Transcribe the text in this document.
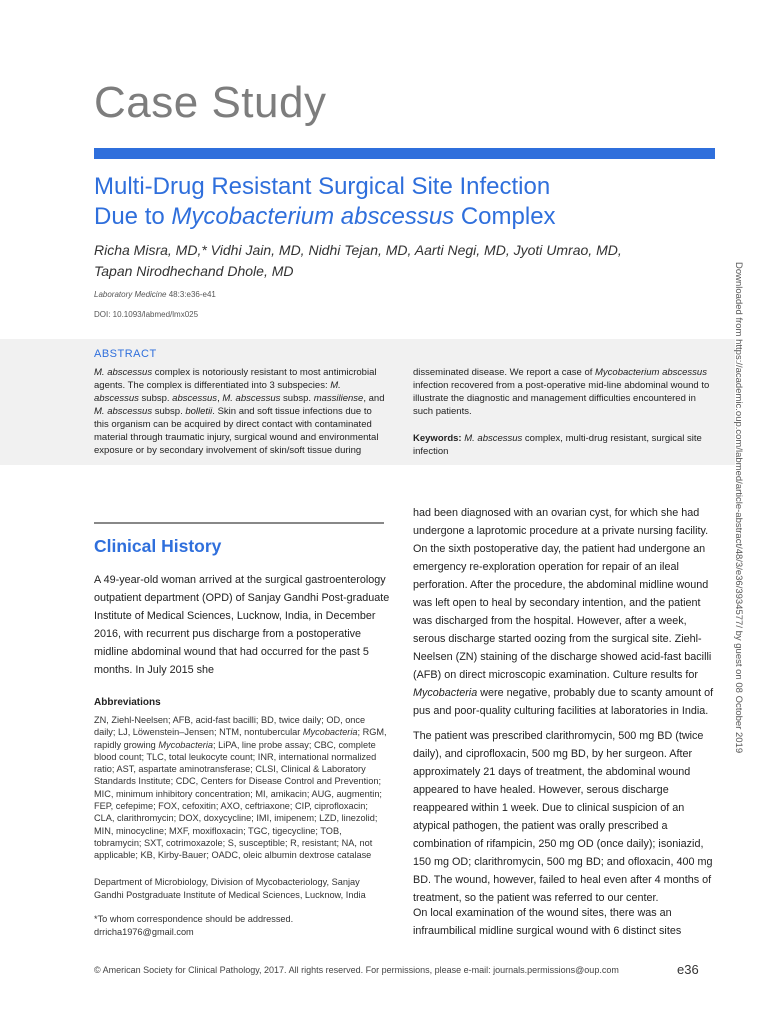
Case Study
Multi-Drug Resistant Surgical Site Infection
Due to Mycobacterium abscessus Complex
Richa Misra, MD,* Vidhi Jain, MD, Nidhi Tejan, MD, Aarti Negi, MD, Jyoti Umrao, MD,
Tapan Nirodhechand Dhole, MD
Laboratory Medicine 48:3:e36-e41
DOI: 10.1093/labmed/lmx025
ABSTRACT
M. abscessus complex is notoriously resistant to most antimicrobial agents. The complex is differentiated into 3 subspecies: M. abscessus subsp. abscessus, M. abscessus subsp. massiliense, and M. abscessus subsp. bolletii. Skin and soft tissue infections due to this organism can be acquired by direct contact with contaminated material through traumatic injury, surgical wound and environmental exposure or by secondary involvement of skin/soft tissue during
disseminated disease. We report a case of Mycobacterium abscessus infection recovered from a post-operative mid-line abdominal wound to illustrate the diagnostic and management difficulties encountered in such patients.
Keywords: M. abscessus complex, multi-drug resistant, surgical site infection	Downloaded from https://academic.oup.com/labmed/article-abstract/48/3/e36/3934577/ by guest on 08 October 2019
Clinical History

A 49-year-old woman arrived at the surgical gastroenterology outpatient department (OPD) of Sanjay Gandhi Post-graduate Institute of Medical Sciences, Lucknow, India, in December 2016, with recurrent pus discharge from a postoperative midline abdominal wound that had occurred for the past 5 months. In July 2015 she

Abbreviations
ZN, Ziehl-Neelsen; AFB, acid-fast bacilli; BD, twice daily; OD, once daily; LJ, Löwenstein–Jensen; NTM, nontubercular Mycobacteria; RGM, rapidly growing Mycobacteria; LiPA, line probe assay; CBC, complete blood count; TLC, total leukocyte count; INR, international normalized ratio; AST, aspartate aminotransferase; CLSI, Clinical & Laboratory Standards Institute; CDC, Centers for Disease Control and Prevention; MIC, minimum inhibitory concentration; MI, amikacin; AUG, augmentin; FEP, cefepime; FOX, cefoxitin; AXO, ceftriaxone; CIP, ciprofloxacin; CLA, clarithromycin; DOX, doxycycline; IMI, imipenem; LZD, linezolid; MIN, minocycline; MXF, moxifloxacin; TGC, tigecycline; TOB, tobramycin; SXT, cotrimoxazole; S, susceptible; R, resistant; NA, not applicable; KB, Kirby-Bauer; OADC, oleic albumin dextrose catalase
Department of Microbiology, Division of Mycobacteriology, Sanjay Gandhi Postgraduate Institute of Medical Sciences, Lucknow, India
*To whom correspondence should be addressed.
drricha1976@gmail.com

had been diagnosed with an ovarian cyst, for which she had undergone a laprotomic procedure at a private nursing facility. On the sixth postoperative day, the patient had undergone an emergency re-exploration operation for repair of an ileal perforation. After the procedure, the abdominal midline wound was left open to heal by secondary intention, and the patient was discharged from the hospital. However, after a week, serous discharge started oozing from the surgical site. Ziehl-Neelsen (ZN) staining of the discharge showed acid-fast bacilli (AFB) on direct microscopic examination. Culture results for Mycobacteria were negative, probably due to scanty amount of pus and poor-quality culturing facilities at laboratories in India.

The patient was prescribed clarithromycin, 500 mg BD (twice daily), and ciprofloxacin, 500 mg BD, by her surgeon. After approximately 21 days of treatment, the abdominal wound appeared to have healed. However, serous discharge reappeared within 1 week. Due to clinical suspicion of an atypical pathogen, the patient was orally prescribed a combination of rifampicin, 250 mg OD (once daily); isoniazid, 150 mg OD; clarithromycin, 500 mg BD; and ofloxacin, 400 mg BD. The wound, however, failed to heal even after 4 months of treatment, so the patient was referred to our center.

On local examination of the wound sites, there was an infraumbilical midline surgical wound with 6 distinct sites

© American Society for Clinical Pathology, 2017. All rights reserved. For permissions, please e-mail: journals.permissions@oup.com	e36
